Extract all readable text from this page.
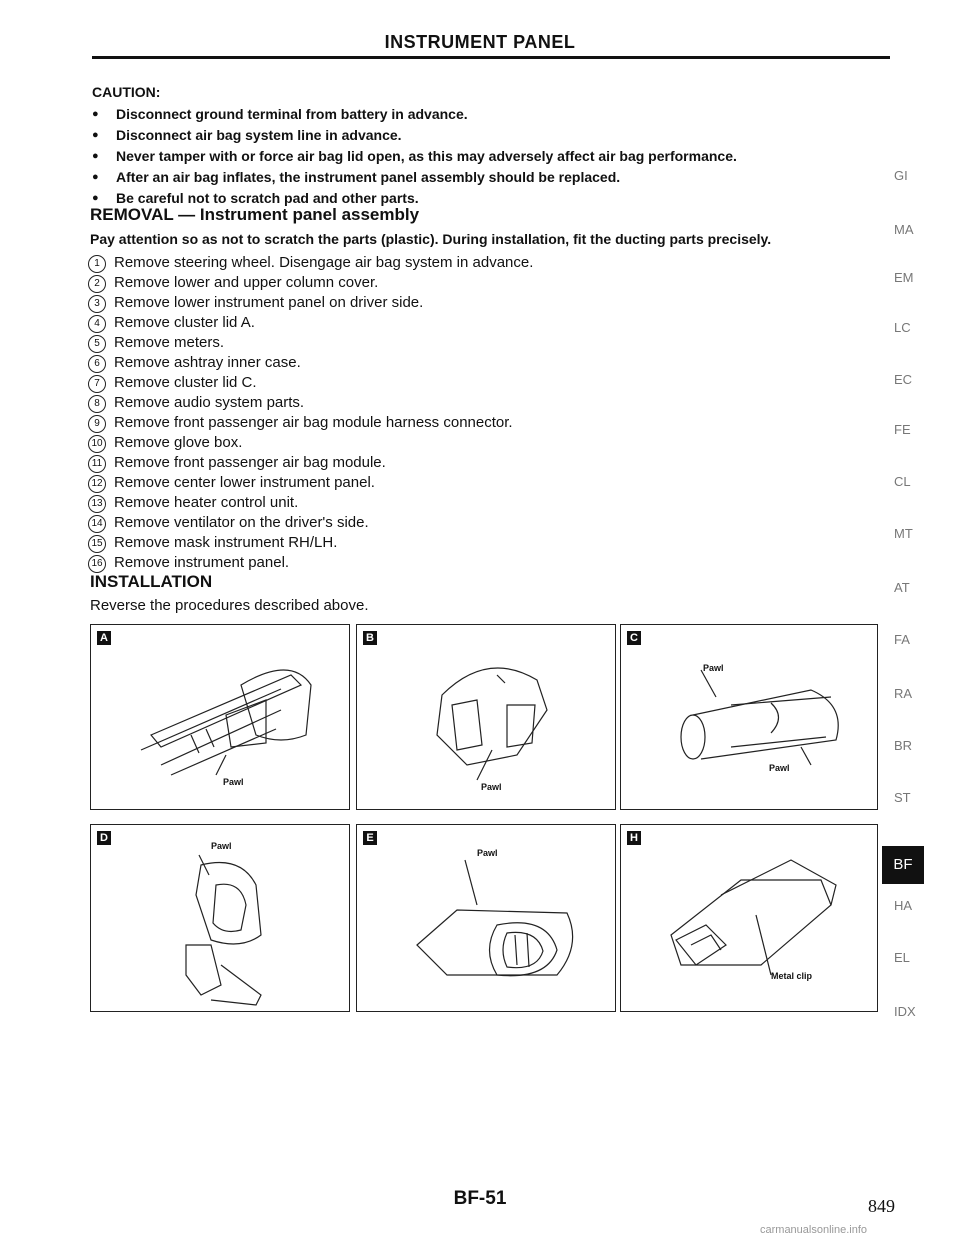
INSTRUMENT PANEL
CAUTION:
● Disconnect ground terminal from battery in advance.
● Disconnect air bag system line in advance.
● Never tamper with or force air bag lid open, as this may adversely affect air bag performance.
● After an air bag inflates, the instrument panel assembly should be replaced.
● Be careful not to scratch pad and other parts.
REMOVAL — Instrument panel assembly
Pay attention so as not to scratch the parts (plastic). During installation, fit the ducting parts precisely.
1 Remove steering wheel. Disengage air bag system in advance.
2 Remove lower and upper column cover.
3 Remove lower instrument panel on driver side.
4 Remove cluster lid A.
5 Remove meters.
6 Remove ashtray inner case.
7 Remove cluster lid C.
8 Remove audio system parts.
9 Remove front passenger air bag module harness connector.
10 Remove glove box.
11 Remove front passenger air bag module.
12 Remove center lower instrument panel.
13 Remove heater control unit.
14 Remove ventilator on the driver's side.
15 Remove mask instrument RH/LH.
16 Remove instrument panel.
INSTALLATION
Reverse the procedures described above.
A
Pawl
B
Pawl
C
Pawl
Pawl
D
Pawl
E
Pawl
H
Metal clip
GI
MA
EM
LC
EC
FE
CL
MT
AT
FA
RA
BR
ST
BF
HA
EL
IDX
BF-51	849
carmanualsonline.info
